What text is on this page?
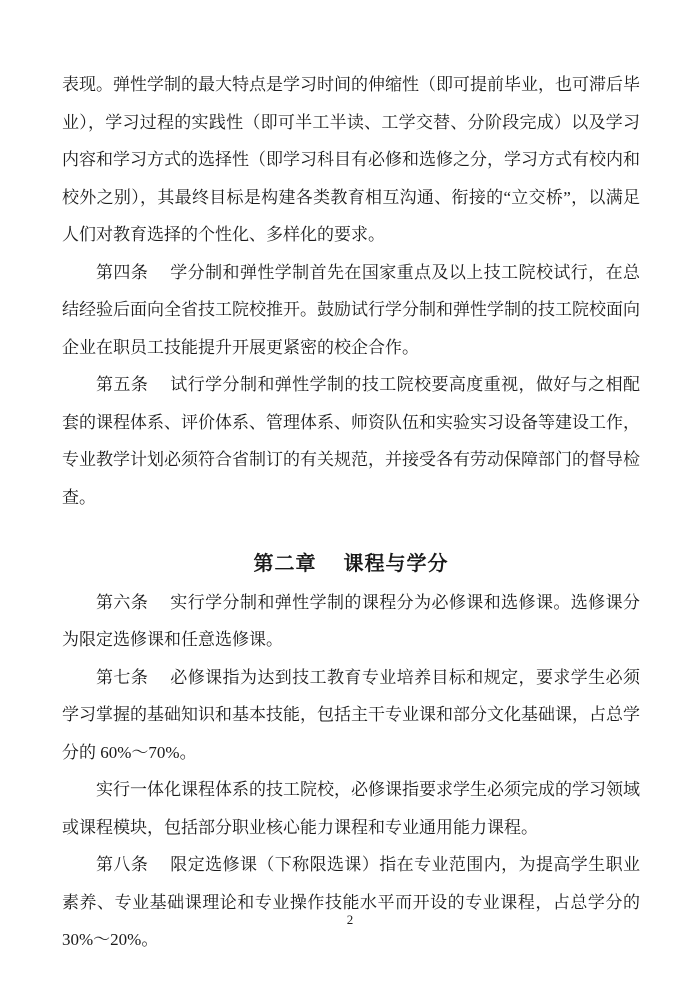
表现。弹性学制的最大特点是学习时间的伸缩性（即可提前毕业，也可滞后毕业），学习过程的实践性（即可半工半读、工学交替、分阶段完成）以及学习内容和学习方式的选择性（即学习科目有必修和选修之分，学习方式有校内和校外之别），其最终目标是构建各类教育相互沟通、衔接的“立交桥”，以满足人们对教育选择的个性化、多样化的要求。

第四条　 学分制和弹性学制首先在国家重点及以上技工院校试行，在总结经验后面向全省技工院校推开。鼓励试行学分制和弹性学制的技工院校面向企业在职员工技能提升开展更紧密的校企合作。

第五条　 试行学分制和弹性学制的技工院校要高度重视，做好与之相配套的课程体系、评价体系、管理体系、师资队伍和实验实习设备等建设工作，专业教学计划必须符合省制订的有关规范，并接受各有劳动保障部门的督导检查。

第二章　 课程与学分

第六条　 实行学分制和弹性学制的课程分为必修课和选修课。选修课分为限定选修课和任意选修课。

第七条　 必修课指为达到技工教育专业培养目标和规定，要求学生必须学习掌握的基础知识和基本技能，包括主干专业课和部分文化基础课，占总学分的 60%～70%。

实行一体化课程体系的技工院校，必修课指要求学生必须完成的学习领域或课程模块，包括部分职业核心能力课程和专业通用能力课程。

第八条　 限定选修课（下称限选课）指在专业范围内，为提高学生职业素养、专业基础课理论和专业操作技能水平而开设的专业课程，占总学分的 30%～20%。

2
